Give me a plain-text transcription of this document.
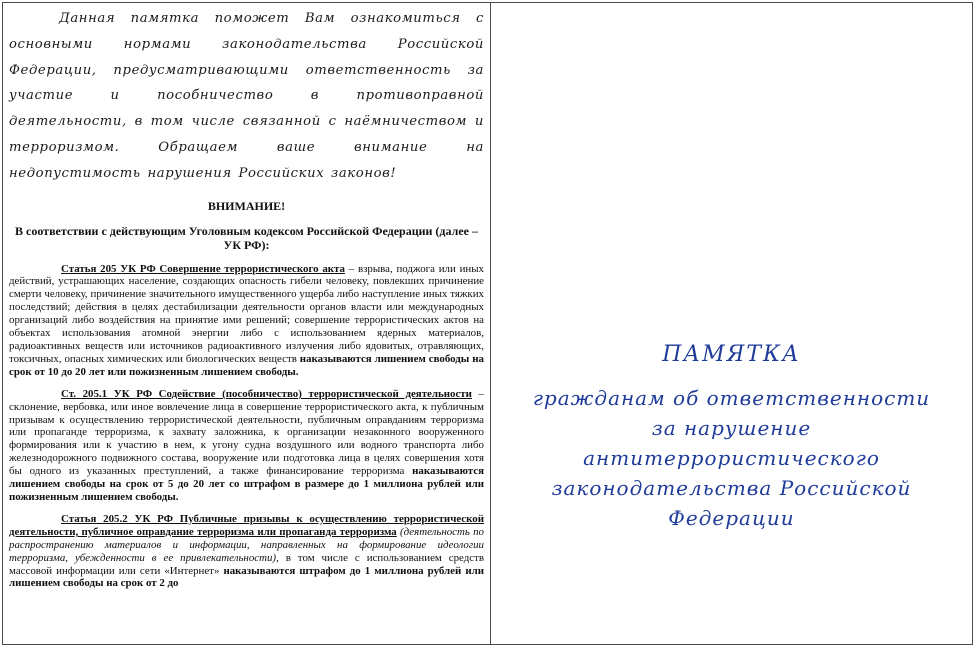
Данная памятка поможет Вам ознакомиться с основными нормами законодательства Российской Федерации, предусматривающими ответственность за участие и пособничество в противоправной деятельности, в том числе связанной с наёмничеством и терроризмом. Обращаем ваше внимание на недопустимость нарушения Российских законов!

ВНИМАНИЕ!
В соответствии с действующим Уголовным кодексом Российской Федерации (далее – УК РФ):

Статья 205 УК РФ Совершение террористического акта – взрыва, поджога или иных действий, устрашающих население, создающих опасность гибели человеку, повлекших причинение смерти человеку, причинение значительного имущественного ущерба либо наступление иных тяжких последствий; действия в целях дестабилизации деятельности органов власти или международных организаций либо воздействия на принятие ими решений; совершение террористических актов на объектах использования атомной энергии либо с использованием ядерных материалов, радиоактивных веществ или источников радиоактивного излучения либо ядовитых, отравляющих, токсичных, опасных химических или биологических веществ наказываются лишением свободы на срок от 10 до 20 лет или пожизненным лишением свободы.

Ст. 205.1 УК РФ Содействие (пособничество) террористической деятельности – склонение, вербовка, или иное вовлечение лица в совершение террористического акта, к публичным призывам к осуществлению террористической деятельности, публичным оправданиям терроризма или пропаганде терроризма, к захвату заложника, к организации незаконного вооруженного формирования или к участию в нем, к угону судна воздушного или водного транспорта либо железнодорожного подвижного состава, вооружение или подготовка лица в целях совершения хотя бы одного из указанных преступлений, а также финансирование терроризма наказываются лишением свободы на срок от 5 до 20 лет со штрафом в размере до 1 миллиона рублей или пожизненным лишением свободы.

Статья 205.2 УК РФ Публичные призывы к осуществлению террористической деятельности, публичное оправдание терроризма или пропаганда терроризма (деятельность по распространению материалов и информации, направленных на формирование идеологии терроризма, убежденности в ее привлекательности), в том числе с использованием средств массовой информации или сети «Интернет» наказываются штрафом до 1 миллиона рублей или лишением свободы на срок от 2 до

ПАМЯТКА
гражданам об ответственности
за нарушение
антитеррористического
законодательства Российской
Федерации
